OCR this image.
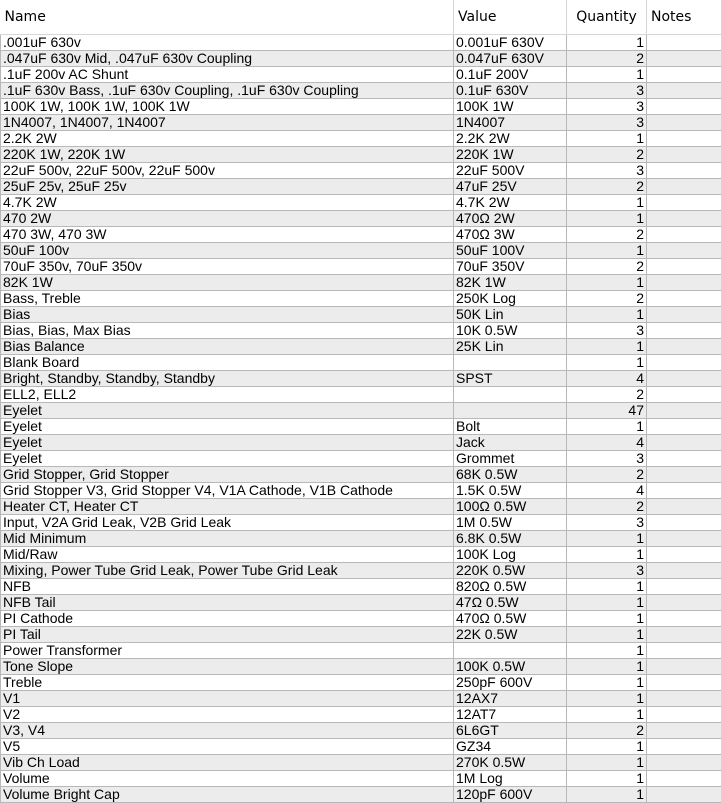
Name	Value	Quantity	Notes
.001uF 630v	0.001uF 630V	1	
.047uF 630v Mid, .047uF 630v Coupling	0.047uF 630V	2	
.1uF 200v AC Shunt	0.1uF 200V	1	
.1uF 630v Bass, .1uF 630v Coupling, .1uF 630v Coupling	0.1uF 630V	3	
100K 1W, 100K 1W, 100K 1W	100K 1W	3	
1N4007, 1N4007, 1N4007	1N4007	3	
2.2K 2W	2.2K 2W	1	
220K 1W, 220K 1W	220K 1W	2	
22uF 500v, 22uF 500v, 22uF 500v	22uF 500V	3	
25uF 25v, 25uF 25v	47uF 25V	2	
4.7K 2W	4.7K 2W	1	
470 2W	470Ω 2W	1	
470 3W, 470 3W	470Ω 3W	2	
50uF 100v	50uF 100V	1	
70uF 350v, 70uF 350v	70uF 350V	2	
82K 1W	82K 1W	1	
Bass, Treble	250K Log	2	
Bias	50K Lin	1	
Bias, Bias, Max Bias	10K 0.5W	3	
Bias Balance	25K Lin	1	
Blank Board		1	
Bright, Standby, Standby, Standby	SPST	4	
ELL2, ELL2		2	
Eyelet		47	
Eyelet	Bolt	1	
Eyelet	Jack	4	
Eyelet	Grommet	3	
Grid Stopper, Grid Stopper	68K 0.5W	2	
Grid Stopper V3, Grid Stopper V4, V1A Cathode, V1B Cathode	1.5K 0.5W	4	
Heater CT, Heater CT	100Ω 0.5W	2	
Input, V2A Grid Leak, V2B Grid Leak	1M 0.5W	3	
Mid Minimum	6.8K 0.5W	1	
Mid/Raw	100K Log	1	
Mixing, Power Tube Grid Leak, Power Tube Grid Leak	220K 0.5W	3	
NFB	820Ω 0.5W	1	
NFB Tail	47Ω 0.5W	1	
PI Cathode	470Ω 0.5W	1	
PI Tail	22K 0.5W	1	
Power Transformer		1	
Tone Slope	100K 0.5W	1	
Treble	250pF 600V	1	
V1	12AX7	1	
V2	12AT7	1	
V3, V4	6L6GT	2	
V5	GZ34	1	
Vib Ch Load	270K 0.5W	1	
Volume	1M Log	1	
Volume Bright Cap	120pF 600V	1	
